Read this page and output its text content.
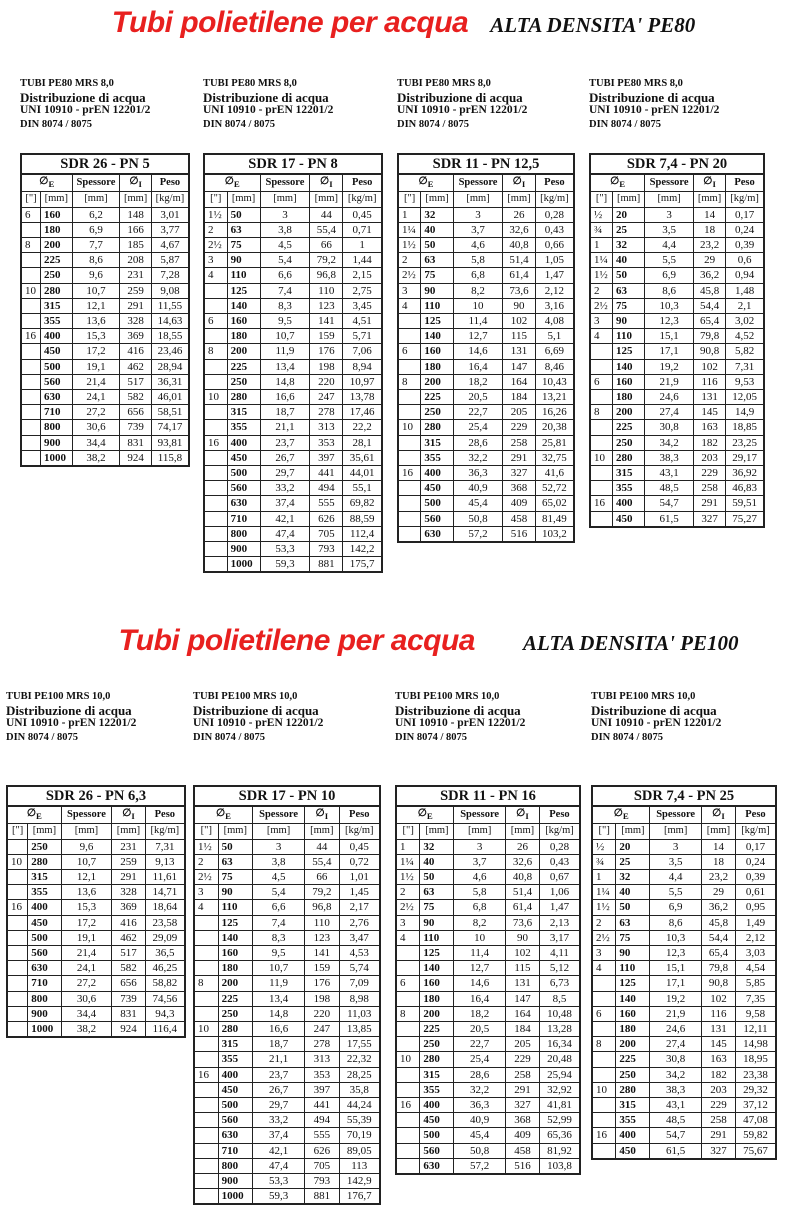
Tubi polietilene per acqua ALTA DENSITA' PE80
TUBI PE80 MRS 8,0
Distribuzione di acqua
UNI 10910 - prEN 12201/2
DIN 8074 / 8075
TUBI PE80 MRS 8,0
Distribuzione di acqua
UNI 10910 - prEN 12201/2
DIN 8074 / 8075
TUBI PE80 MRS 8,0
Distribuzione di acqua
UNI 10910 - prEN 12201/2
DIN 8074 / 8075
TUBI PE80 MRS 8,0
Distribuzione di acqua
UNI 10910 - prEN 12201/2
DIN 8074 / 8075
SDR 26 - PN 5				
$\emptyset_E$		Spessore	$\emptyset_I$	Peso
["]	[mm]	[mm]	[mm]	[kg/m]
6	160	6,2	148	3,01
	180	6,9	166	3,77
8	200	7,7	185	4,67
	225	8,6	208	5,87
	250	9,6	231	7,28
10	280	10,7	259	9,08
	315	12,1	291	11,55
	355	13,6	328	14,63
16	400	15,3	369	18,55
	450	17,2	416	23,46
	500	19,1	462	28,94
	560	21,4	517	36,31
	630	24,1	582	46,01
	710	27,2	656	58,51
	800	30,6	739	74,17
	900	34,4	831	93,81
	1000	38,2	924	115,8
SDR 17 - PN 8				
$\emptyset_E$		Spessore	$\emptyset_I$	Peso
["]	[mm]	[mm]	[mm]	[kg/m]
1½	50	3	44	0,45
2	63	3,8	55,4	0,71
2½	75	4,5	66	1
3	90	5,4	79,2	1,44
4	110	6,6	96,8	2,15
	125	7,4	110	2,75
	140	8,3	123	3,45
6	160	9,5	141	4,51
	180	10,7	159	5,71
8	200	11,9	176	7,06
	225	13,4	198	8,94
	250	14,8	220	10,97
10	280	16,6	247	13,78
	315	18,7	278	17,46
	355	21,1	313	22,2
16	400	23,7	353	28,1
	450	26,7	397	35,61
	500	29,7	441	44,01
	560	33,2	494	55,1
	630	37,4	555	69,82
	710	42,1	626	88,59
	800	47,4	705	112,4
	900	53,3	793	142,2
	1000	59,3	881	175,7
SDR 11 - PN 12,5				
$\emptyset_E$		Spessore	$\emptyset_I$	Peso
["]	[mm]	[mm]	[mm]	[kg/m]
1	32	3	26	0,28
1¼	40	3,7	32,6	0,43
1½	50	4,6	40,8	0,66
2	63	5,8	51,4	1,05
2½	75	6,8	61,4	1,47
3	90	8,2	73,6	2,12
4	110	10	90	3,16
	125	11,4	102	4,08
	140	12,7	115	5,1
6	160	14,6	131	6,69
	180	16,4	147	8,46
8	200	18,2	164	10,43
	225	20,5	184	13,21
	250	22,7	205	16,26
10	280	25,4	229	20,38
	315	28,6	258	25,81
	355	32,2	291	32,75
16	400	36,3	327	41,6
	450	40,9	368	52,72
	500	45,4	409	65,02
	560	50,8	458	81,49
	630	57,2	516	103,2
SDR 7,4 - PN 20				
$\emptyset_E$		Spessore	$\emptyset_I$	Peso
["]	[mm]	[mm]	[mm]	[kg/m]
½	20	3	14	0,17
¾	25	3,5	18	0,24
1	32	4,4	23,2	0,39
1¼	40	5,5	29	0,6
1½	50	6,9	36,2	0,94
2	63	8,6	45,8	1,48
2½	75	10,3	54,4	2,1
3	90	12,3	65,4	3,02
4	110	15,1	79,8	4,52
	125	17,1	90,8	5,82
	140	19,2	102	7,31
6	160	21,9	116	9,53
	180	24,6	131	12,05
8	200	27,4	145	14,9
	225	30,8	163	18,85
	250	34,2	182	23,25
10	280	38,3	203	29,17
	315	43,1	229	36,92
	355	48,5	258	46,83
16	400	54,7	291	59,51
	450	61,5	327	75,27
Tubi polietilene per acqua ALTA DENSITA' PE100
TUBI PE100 MRS 10,0
Distribuzione di acqua
UNI 10910 - prEN 12201/2
DIN 8074 / 8075
TUBI PE100 MRS 10,0
Distribuzione di acqua
UNI 10910 - prEN 12201/2
DIN 8074 / 8075
TUBI PE100 MRS 10,0
Distribuzione di acqua
UNI 10910 - prEN 12201/2
DIN 8074 / 8075
TUBI PE100 MRS 10,0
Distribuzione di acqua
UNI 10910 - prEN 12201/2
DIN 8074 / 8075
SDR 26 - PN 6,3				
$\emptyset_E$		Spessore	$\emptyset_I$	Peso
["]	[mm]	[mm]	[mm]	[kg/m]
	250	9,6	231	7,31
10	280	10,7	259	9,13
	315	12,1	291	11,61
	355	13,6	328	14,71
16	400	15,3	369	18,64
	450	17,2	416	23,58
	500	19,1	462	29,09
	560	21,4	517	36,5
	630	24,1	582	46,25
	710	27,2	656	58,82
	800	30,6	739	74,56
	900	34,4	831	94,3
	1000	38,2	924	116,4
SDR 17 - PN 10				
$\emptyset_E$		Spessore	$\emptyset_I$	Peso
["]	[mm]	[mm]	[mm]	[kg/m]
1½	50	3	44	0,45
2	63	3,8	55,4	0,72
2½	75	4,5	66	1,01
3	90	5,4	79,2	1,45
4	110	6,6	96,8	2,17
	125	7,4	110	2,76
	140	8,3	123	3,47
	160	9,5	141	4,53
	180	10,7	159	5,74
8	200	11,9	176	7,09
	225	13,4	198	8,98
	250	14,8	220	11,03
10	280	16,6	247	13,85
	315	18,7	278	17,55
	355	21,1	313	22,32
16	400	23,7	353	28,25
	450	26,7	397	35,8
	500	29,7	441	44,24
	560	33,2	494	55,39
	630	37,4	555	70,19
	710	42,1	626	89,05
	800	47,4	705	113
	900	53,3	793	142,9
	1000	59,3	881	176,7
SDR 11 - PN 16				
$\emptyset_E$		Spessore	$\emptyset_I$	Peso
["]	[mm]	[mm]	[mm]	[kg/m]
1	32	3	26	0,28
1¼	40	3,7	32,6	0,43
1½	50	4,6	40,8	0,67
2	63	5,8	51,4	1,06
2½	75	6,8	61,4	1,47
3	90	8,2	73,6	2,13
4	110	10	90	3,17
	125	11,4	102	4,11
	140	12,7	115	5,12
6	160	14,6	131	6,73
	180	16,4	147	8,5
8	200	18,2	164	10,48
	225	20,5	184	13,28
	250	22,7	205	16,34
10	280	25,4	229	20,48
	315	28,6	258	25,94
	355	32,2	291	32,92
16	400	36,3	327	41,81
	450	40,9	368	52,99
	500	45,4	409	65,36
	560	50,8	458	81,92
	630	57,2	516	103,8
SDR 7,4 - PN 25				
$\emptyset_E$		Spessore	$\emptyset_I$	Peso
["]	[mm]	[mm]	[mm]	[kg/m]
½	20	3	14	0,17
¾	25	3,5	18	0,24
1	32	4,4	23,2	0,39
1¼	40	5,5	29	0,61
1½	50	6,9	36,2	0,95
2	63	8,6	45,8	1,49
2½	75	10,3	54,4	2,12
3	90	12,3	65,4	3,03
4	110	15,1	79,8	4,54
	125	17,1	90,8	5,85
	140	19,2	102	7,35
6	160	21,9	116	9,58
	180	24,6	131	12,11
8	200	27,4	145	14,98
	225	30,8	163	18,95
	250	34,2	182	23,38
10	280	38,3	203	29,32
	315	43,1	229	37,12
	355	48,5	258	47,08
16	400	54,7	291	59,82
	450	61,5	327	75,67
